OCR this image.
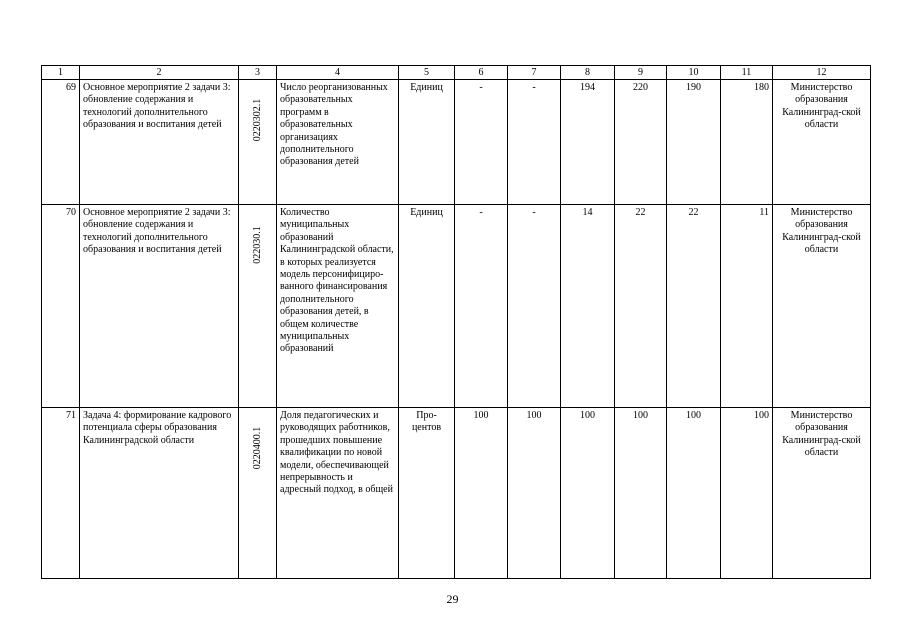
1	2	3	4	5	6	7	8	9	10	11	12
69	Основное мероприятие 2 задачи 3: обновление содержания и технологий дополнительного образования и воспитания детей	0220302.1	Число реорганизованных образовательных программ в образовательных организациях дополнительного образования детей	Единиц	-	-	194	220	190	180	Министерство образования Калининград-ской области
70	Основное мероприятие 2 задачи 3: обновление содержания и технологий дополнительного образования и воспитания детей	022030.1	Количество муниципальных образований Калининградской области, в которых реализуется модель персонифициро-ванного финансирования дополнительного образования детей, в общем количестве муниципальных образований	Единиц	-	-	14	22	22	11	Министерство образования Калининград-ской области
71	Задача 4: формирование кадрового потенциала сферы образования Калининградской области	0220400.1	Доля педагогических и руководящих работников, прошедших повышение квалификации по новой модели, обеспечивающей непрерывность и адресный подход, в общей	Про-центов	100	100	100	100	100	100	Министерство образования Калининград-ской области
29
